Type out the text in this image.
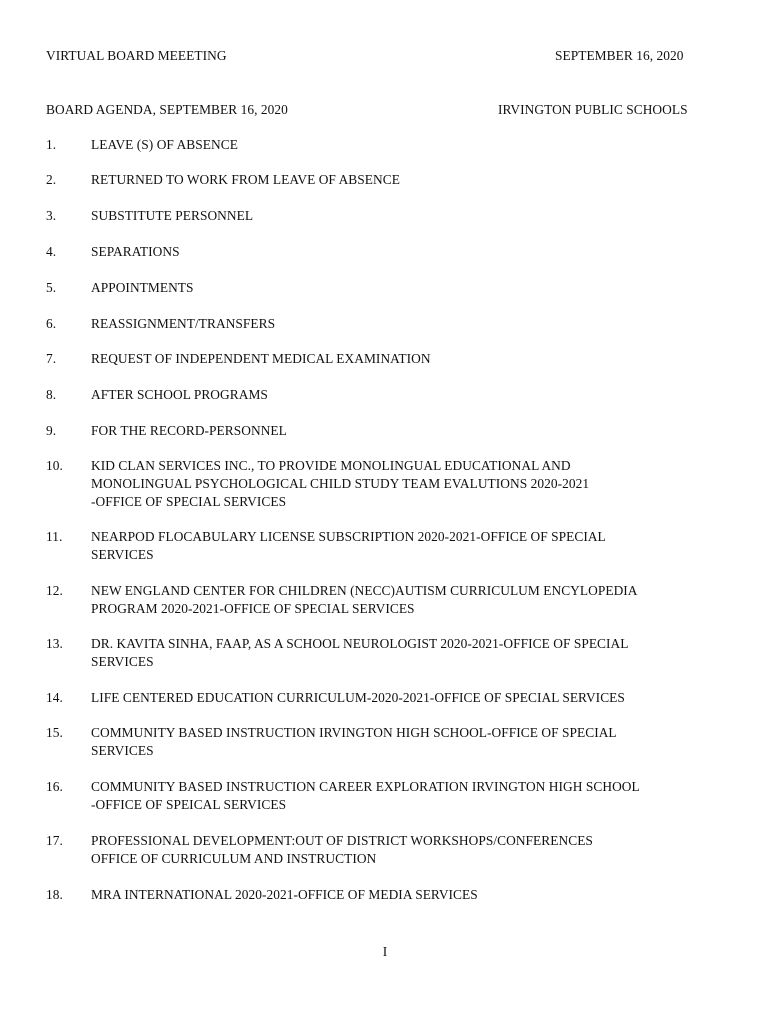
VIRTUAL BOARD MEEETING	SEPTEMBER 16, 2020
BOARD AGENDA, SEPTEMBER 16, 2020	IRVINGTON PUBLIC SCHOOLS
1.	LEAVE (S) OF ABSENCE
2.	RETURNED TO WORK FROM LEAVE OF ABSENCE
3.	SUBSTITUTE PERSONNEL
4.	SEPARATIONS
5.	APPOINTMENTS
6.	REASSIGNMENT/TRANSFERS
7.	REQUEST OF INDEPENDENT MEDICAL EXAMINATION
8.	AFTER SCHOOL PROGRAMS
9.	FOR THE RECORD-PERSONNEL
10. KID CLAN SERVICES INC., TO PROVIDE MONOLINGUAL EDUCATIONAL AND
MONOLINGUAL PSYCHOLOGICAL CHILD STUDY TEAM EVALUTIONS 2020-2021
-OFFICE OF SPECIAL SERVICES
11. NEARPOD FLOCABULARY LICENSE SUBSCRIPTION 2020-2021-OFFICE OF SPECIAL
SERVICES
12. NEW ENGLAND CENTER FOR CHILDREN (NECC)AUTISM CURRICULUM ENCYLOPEDIA
PROGRAM 2020-2021-OFFICE OF SPECIAL SERVICES
13. DR. KAVITA SINHA, FAAP, AS A SCHOOL NEUROLOGIST 2020-2021-OFFICE OF SPECIAL
SERVICES
14. LIFE CENTERED EDUCATION CURRICULUM-2020-2021-OFFICE OF SPECIAL SERVICES
15. COMMUNITY BASED INSTRUCTION IRVINGTON HIGH SCHOOL-OFFICE OF SPECIAL
SERVICES
16. COMMUNITY BASED INSTRUCTION CAREER EXPLORATION IRVINGTON HIGH SCHOOL
-OFFICE OF SPEICAL SERVICES
17. PROFESSIONAL DEVELOPMENT:OUT OF DISTRICT WORKSHOPS/CONFERENCES
OFFICE OF CURRICULUM AND INSTRUCTION
18. MRA INTERNATIONAL 2020-2021-OFFICE OF MEDIA SERVICES
I
